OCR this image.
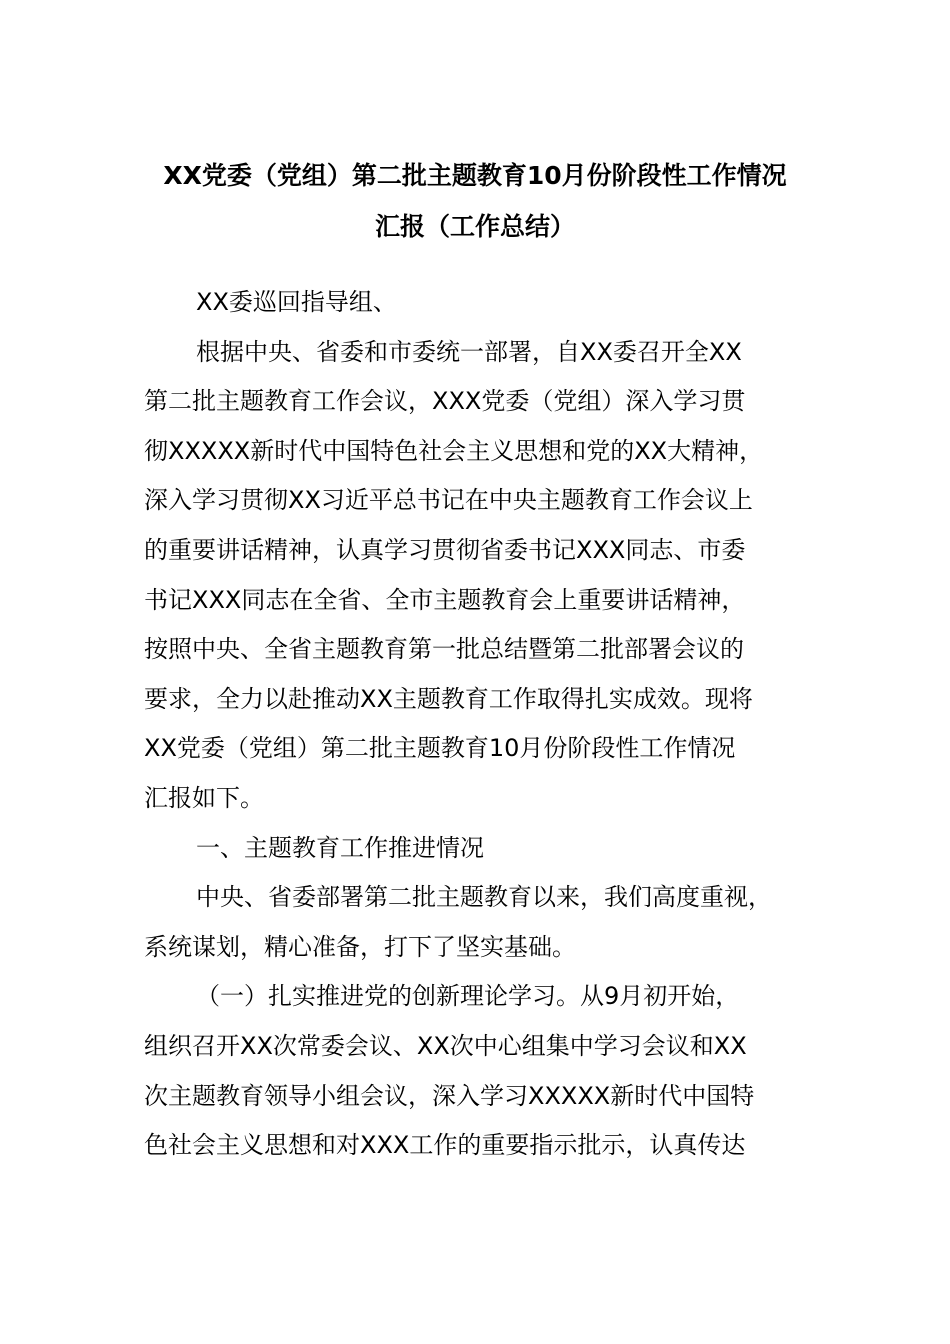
XX党委（党组）第二批主题教育10月份阶段性工作情况
汇报（工作总结）
XX委巡回指导组、
根据中央、省委和市委统一部署，自XX委召开全XX
第二批主题教育工作会议，XXX党委（党组）深入学习贯
彻XXXXX新时代中国特色社会主义思想和党的XX大精神，
深入学习贯彻XX习近平总书记在中央主题教育工作会议上
的重要讲话精神，认真学习贯彻省委书记XXX同志、市委
书记XXX同志在全省、全市主题教育会上重要讲话精神，
按照中央、全省主题教育第一批总结暨第二批部署会议的
要求，全力以赴推动XX主题教育工作取得扎实成效。现将
XX党委（党组）第二批主题教育10月份阶段性工作情况
汇报如下。
一、主题教育工作推进情况
中央、省委部署第二批主题教育以来，我们高度重视，
系统谋划，精心准备，打下了坚实基础。
（一）扎实推进党的创新理论学习。从9月初开始，
组织召开XX次常委会议、XX次中心组集中学习会议和XX
次主题教育领导小组会议，深入学习XXXXX新时代中国特
色社会主义思想和对XXX工作的重要指示批示，认真传达
